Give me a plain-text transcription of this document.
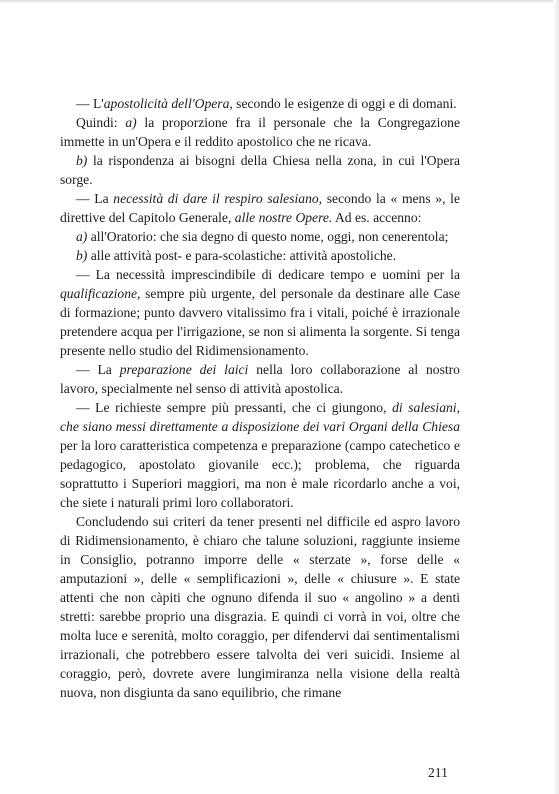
— L'apostolicità dell'Opera, secondo le esigenze di oggi e di domani.

Quindi: a) la proporzione fra il personale che la Congregazione immette in un'Opera e il reddito apostolico che ne ricava.

b) la rispondenza ai bisogni della Chiesa nella zona, in cui l'Opera sorge.

— La necessità di dare il respiro salesiano, secondo la « mens », le direttive del Capitolo Generale, alle nostre Opere. Ad es. accenno:

a) all'Oratorio: che sia degno di questo nome, oggi, non cenerentola;

b) alle attività post- e para-scolastiche: attività apostoliche.

— La necessità imprescindibile di dedicare tempo e uomini per la qualificazione, sempre più urgente, del personale da destinare alle Case di formazione; punto davvero vitalissimo fra i vitali, poiché è irrazionale pretendere acqua per l'irrigazione, se non si alimenta la sorgente. Si tenga presente nello studio del Ridimensionamento.

— La preparazione dei laici nella loro collaborazione al nostro lavoro, specialmente nel senso di attività apostolica.

— Le richieste sempre più pressanti, che ci giungono, di salesiani, che siano messi direttamente a disposizione dei vari Organi della Chiesa per la loro caratteristica competenza e preparazione (campo catechetico e pedagogico, apostolato giovanile ecc.); problema, che riguarda soprattutto i Superiori maggiori, ma non è male ricordarlo anche a voi, che siete i naturali primi loro collaboratori.

Concludendo sui criteri da tener presenti nel difficile ed aspro lavoro di Ridimensionamento, è chiaro che talune soluzioni, raggiunte insieme in Consiglio, potranno imporre delle « sterzate », forse delle « amputazioni », delle « semplificazioni », delle « chiusure ». E state attenti che non càpiti che ognuno difenda il suo « angolino » a denti stretti: sarebbe proprio una disgrazia. E quindi ci vorrà in voi, oltre che molta luce e serenità, molto coraggio, per difendervi dai sentimentalismi irrazionali, che potrebbero essere talvolta dei veri suicidi. Insieme al coraggio, però, dovrete avere lungimiranza nella visione della realtà nuova, non disgiunta da sano equilibrio, che rimane

211
